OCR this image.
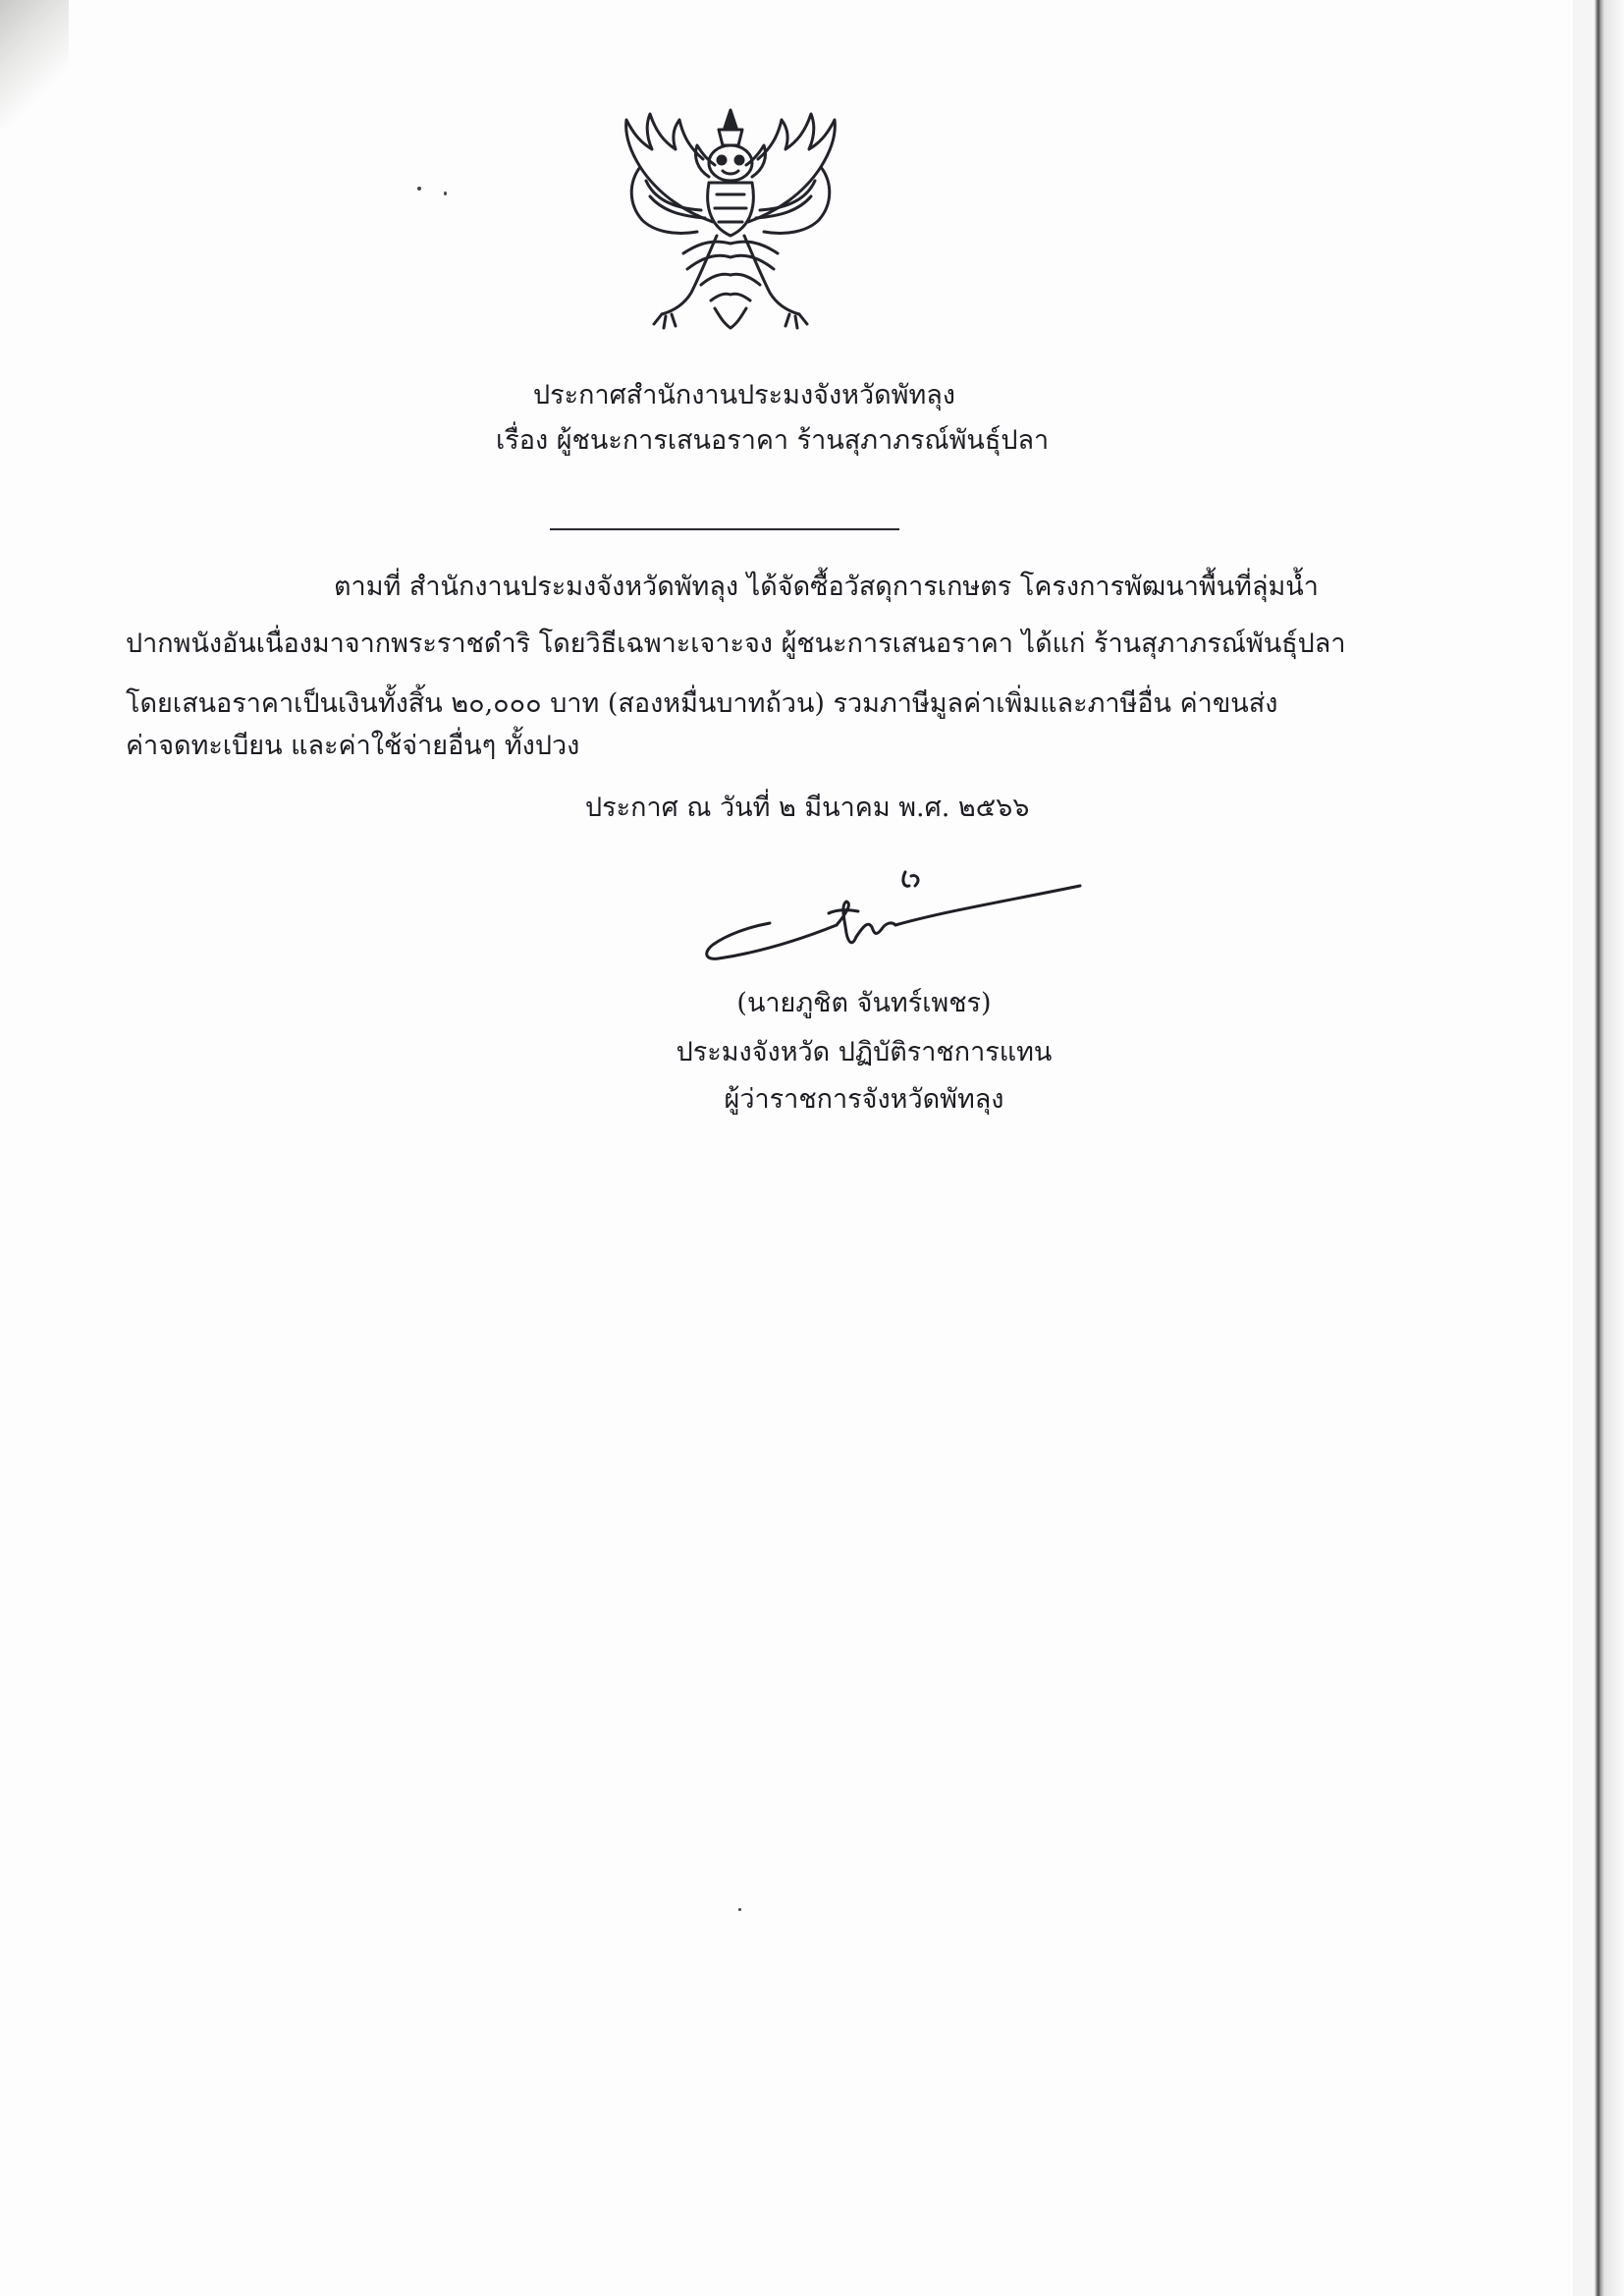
ประกาศสำนักงานประมงจังหวัดพัทลุง
เรื่อง ผู้ชนะการเสนอราคา ร้านสุภาภรณ์พันธุ์ปลา
ตามที่ สำนักงานประมงจังหวัดพัทลุง ได้จัดซื้อวัสดุการเกษตร โครงการพัฒนาพื้นที่ลุ่มน้ำ
ปากพนังอันเนื่องมาจากพระราชดำริ โดยวิธีเฉพาะเจาะจง ผู้ชนะการเสนอราคา ได้แก่ ร้านสุภาภรณ์พันธุ์ปลา
โดยเสนอราคาเป็นเงินทั้งสิ้น ๒๐,๐๐๐ บาท (สองหมื่นบาทถ้วน) รวมภาษีมูลค่าเพิ่มและภาษีอื่น ค่าขนส่ง
ค่าจดทะเบียน และค่าใช้จ่ายอื่นๆ ทั้งปวง
ประกาศ ณ วันที่ ๒ มีนาคม พ.ศ. ๒๕๖๖
(นายภูชิต จันทร์เพชร)
ประมงจังหวัด ปฏิบัติราชการแทน
ผู้ว่าราชการจังหวัดพัทลุง
